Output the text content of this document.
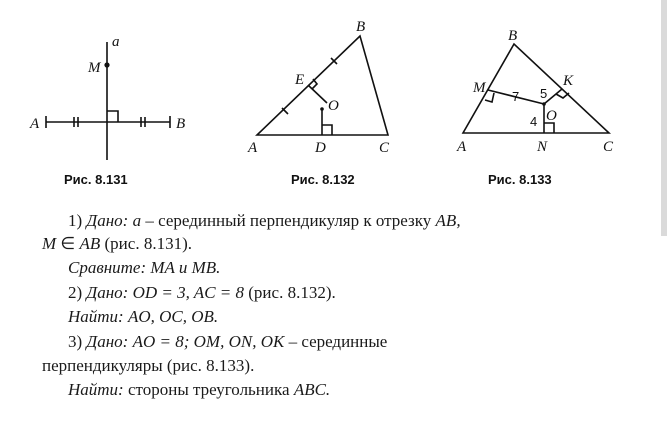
a
M
A	B
Рис. 8.131
B
E
O
A	D	C
Рис. 8.132
B
M	K
O
A	N	C
7 5
4
Рис. 8.133
1) Дано: a – серединный перпендикуляр к отрезку AB,
M ∈ AB (рис. 8.131).
Сравните: MA и MB.
2) Дано: OD = 3, AC = 8 (рис. 8.132).
Найти: AO, OC, OB.
3) Дано: AO = 8; OM, ON, OK – серединные
перпендикуляры (рис. 8.133).
Найти: стороны треугольника ABC.
